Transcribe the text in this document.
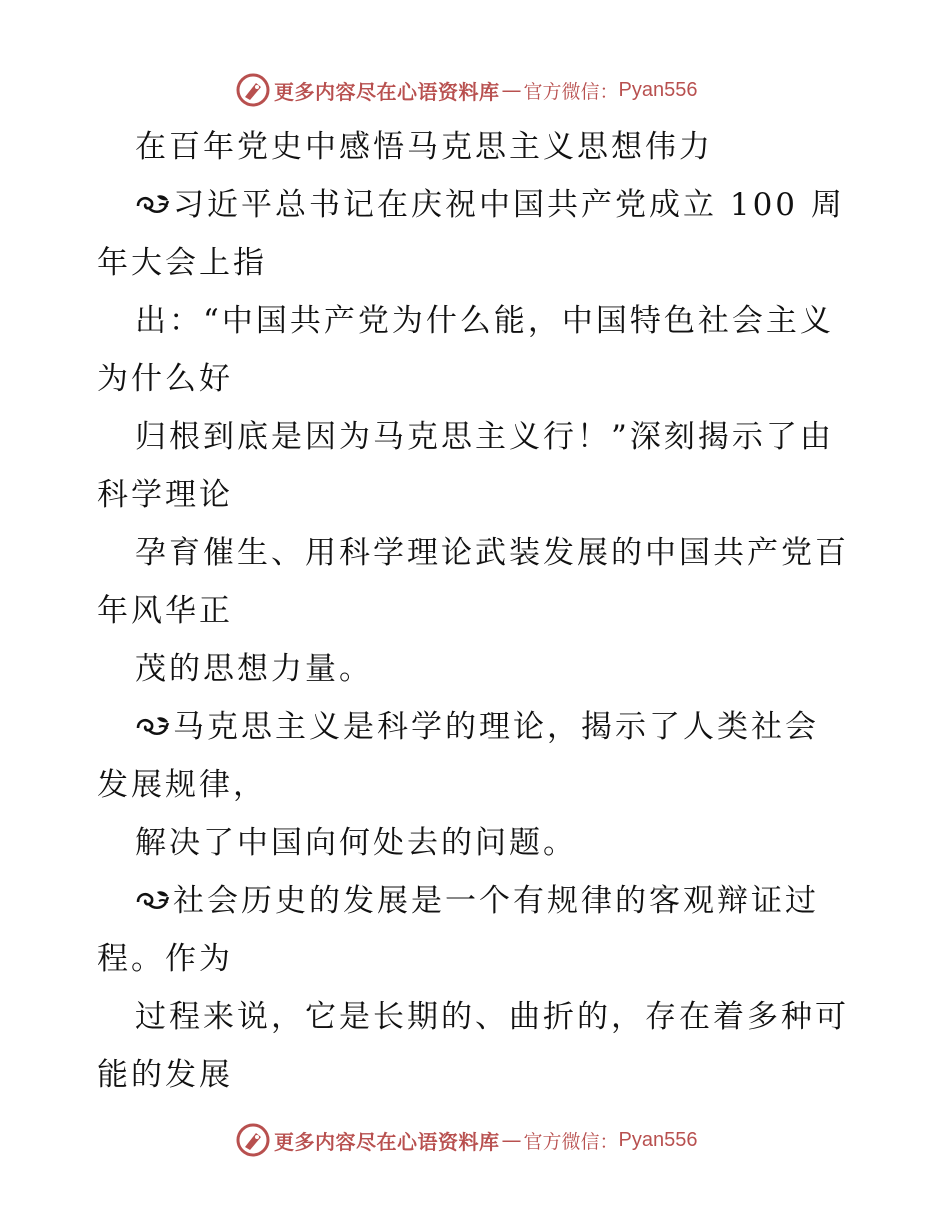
更多内容尽在心语资料库 — 官方微信： Pyan556
在百年党史中感悟马克思主义思想伟力
习近平总书记在庆祝中国共产党成立 100 周
年大会上指
出：“中国共产党为什么能，中国特色社会主义
为什么好
归根到底是因为马克思主义行！”深刻揭示了由
科学理论
孕育催生、用科学理论武装发展的中国共产党百
年风华正
茂的思想力量。
马克思主义是科学的理论，揭示了人类社会
发展规律，
解决了中国向何处去的问题。
社会历史的发展是一个有规律的客观辩证过
程。作为
过程来说，它是长期的、曲折的，存在着多种可
能的发展
更多内容尽在心语资料库 — 官方微信： Pyan556
